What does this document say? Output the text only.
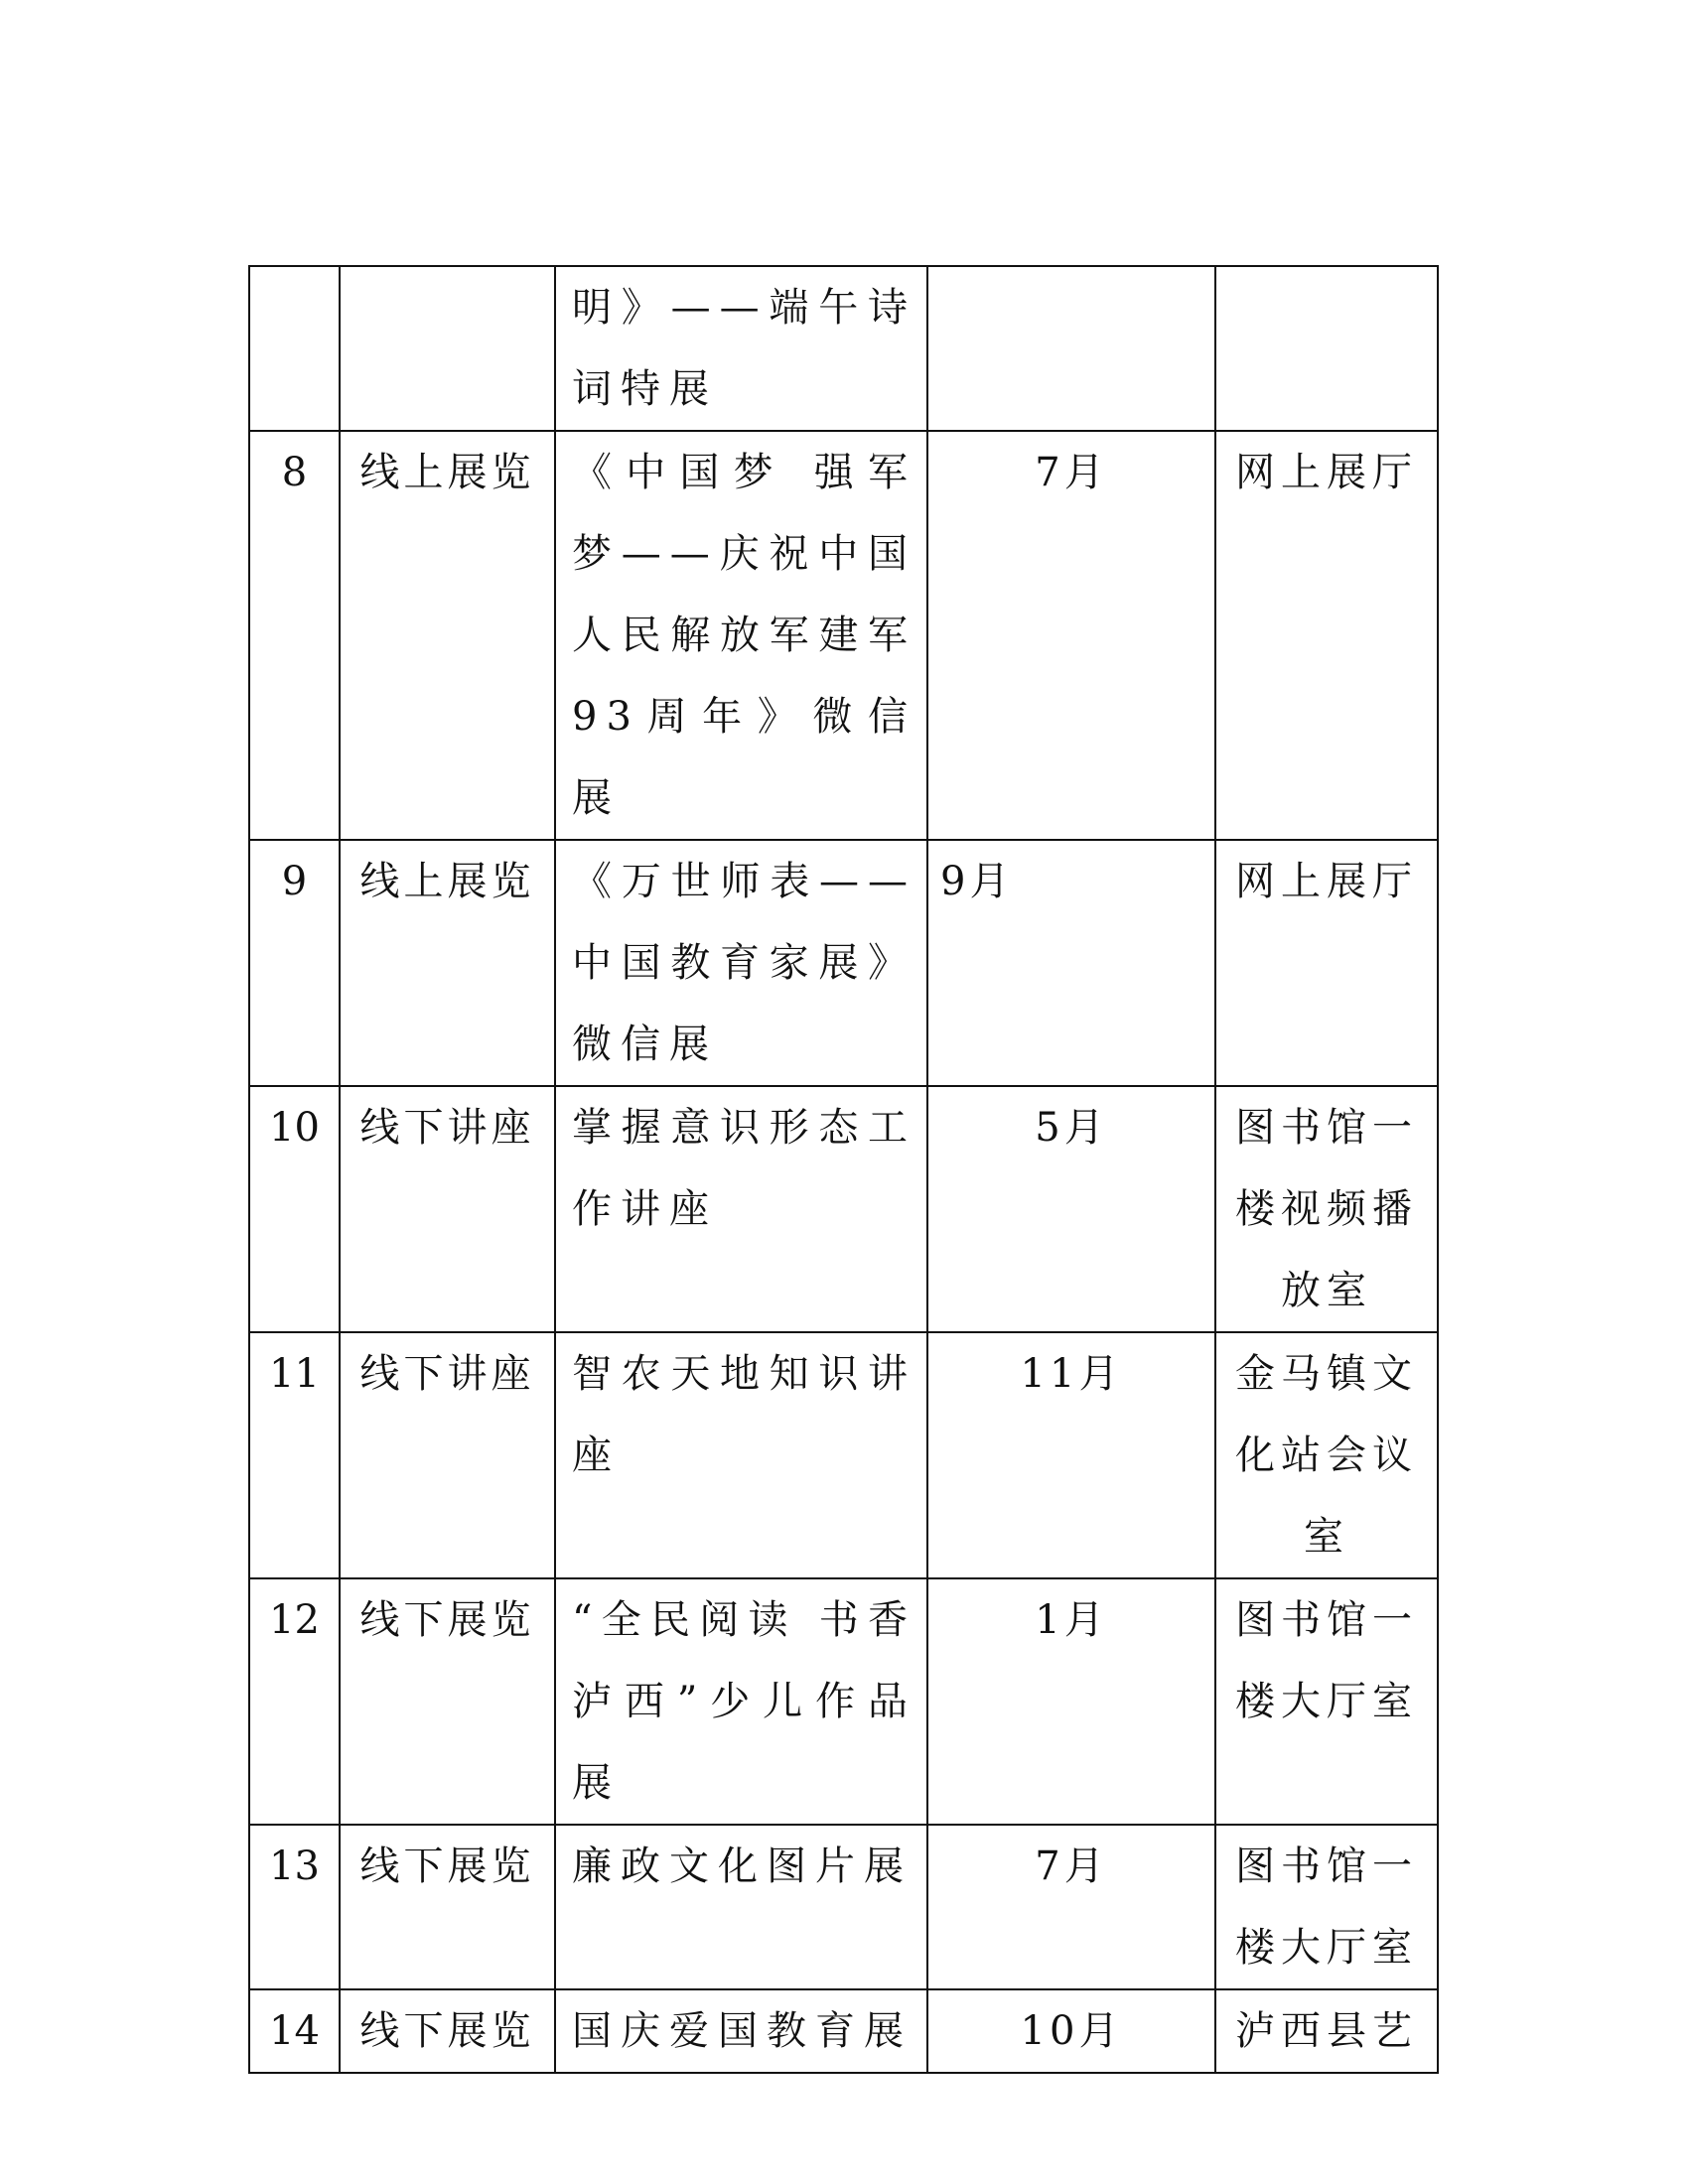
		明》——端午诗词特展		

8	线上展览	《中国梦 强军梦——庆祝中国人民解放军建军93周年》微信展	7月	网上展厅

9	线上展览	《万世师表——中国教育家展》微信展	9月	网上展厅

10	线下讲座	掌握意识形态工作讲座	5月	图书馆一楼视频播放室

11	线下讲座	智农天地知识讲座	11月	金马镇文化站会议室

12	线下展览	“全民阅读 书香泸西”少儿作品展	1月	图书馆一楼大厅室

13	线下展览	廉政文化图片展	7月	图书馆一楼大厅室

14	线下展览	国庆爱国教育展	10月	泸西县艺
